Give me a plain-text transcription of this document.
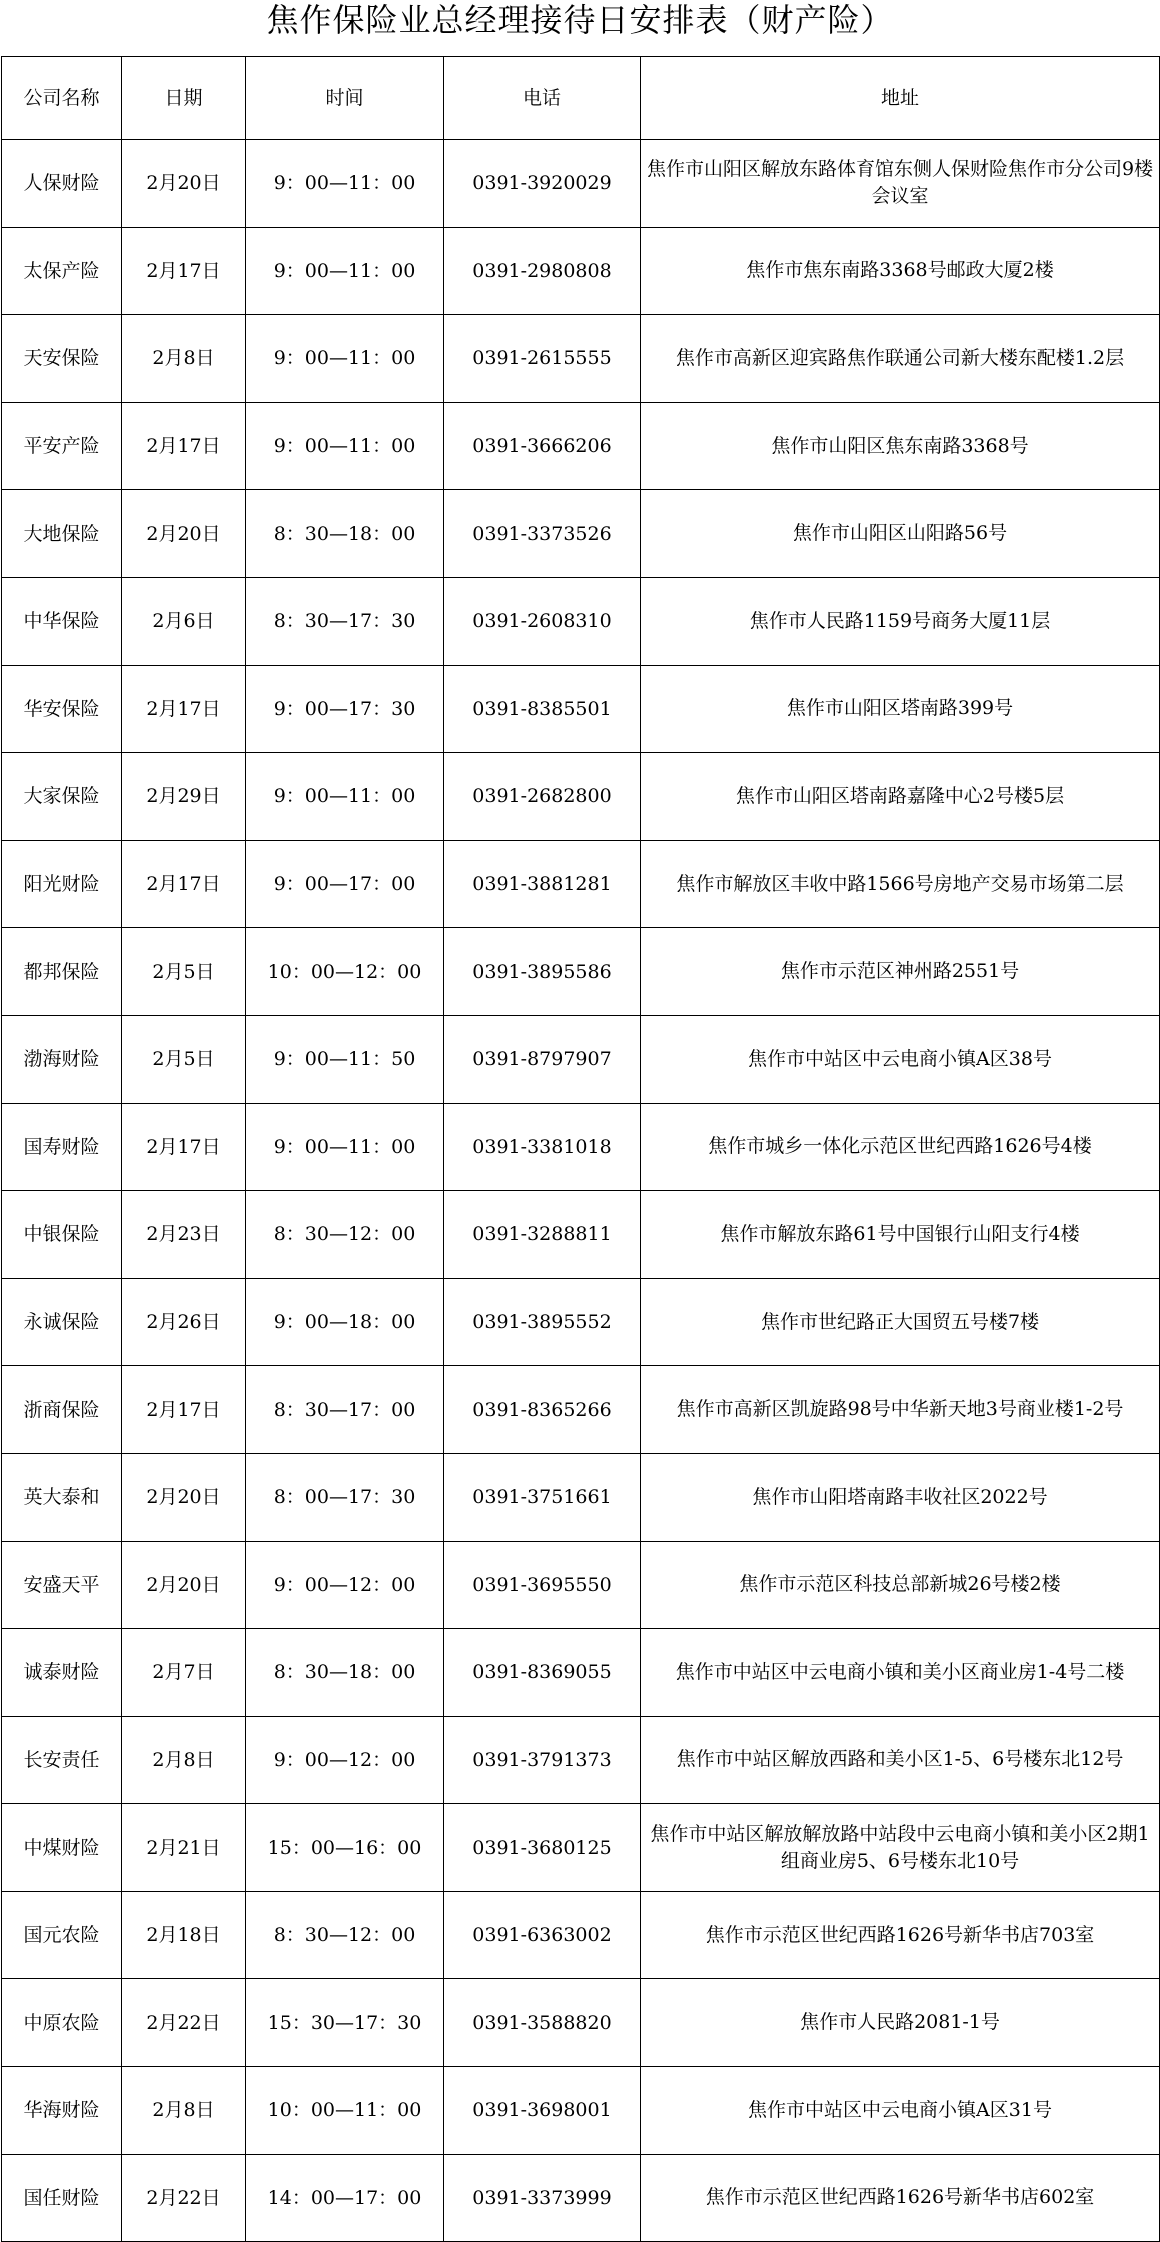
焦作保险业总经理接待日安排表（财产险）
公司名称	日期	时间	电话	地址
人保财险	2月20日	9：00—11：00	0391-3920029	焦作市山阳区解放东路体育馆东侧人保财险焦作市分公司9楼会议室
太保产险	2月17日	9：00—11：00	0391-2980808	焦作市焦东南路3368号邮政大厦2楼
天安保险	2月8日	9：00—11：00	0391-2615555	焦作市高新区迎宾路焦作联通公司新大楼东配楼1.2层
平安产险	2月17日	9：00—11：00	0391-3666206	焦作市山阳区焦东南路3368号
大地保险	2月20日	8：30—18：00	0391-3373526	焦作市山阳区山阳路56号
中华保险	2月6日	8：30—17：30	0391-2608310	焦作市人民路1159号商务大厦11层
华安保险	2月17日	9：00—17：30	0391-8385501	焦作市山阳区塔南路399号
大家保险	2月29日	9：00—11：00	0391-2682800	焦作市山阳区塔南路嘉隆中心2号楼5层
阳光财险	2月17日	9：00—17：00	0391-3881281	焦作市解放区丰收中路1566号房地产交易市场第二层
都邦保险	2月5日	10：00—12：00	0391-3895586	焦作市示范区神州路2551号
渤海财险	2月5日	9：00—11：50	0391-8797907	焦作市中站区中云电商小镇A区38号
国寿财险	2月17日	9：00—11：00	0391-3381018	焦作市城乡一体化示范区世纪西路1626号4楼
中银保险	2月23日	8：30—12：00	0391-3288811	焦作市解放东路61号中国银行山阳支行4楼
永诚保险	2月26日	9：00—18：00	0391-3895552	焦作市世纪路正大国贸五号楼7楼
浙商保险	2月17日	8：30—17：00	0391-8365266	焦作市高新区凯旋路98号中华新天地3号商业楼1-2号
英大泰和	2月20日	8：00—17：30	0391-3751661	焦作市山阳塔南路丰收社区2022号
安盛天平	2月20日	9：00—12：00	0391-3695550	焦作市示范区科技总部新城26号楼2楼
诚泰财险	2月7日	8：30—18：00	0391-8369055	焦作市中站区中云电商小镇和美小区商业房1-4号二楼
长安责任	2月8日	9：00—12：00	0391-3791373	焦作市中站区解放西路和美小区1-5、6号楼东北12号
中煤财险	2月21日	15：00—16：00	0391-3680125	焦作市中站区解放解放路中站段中云电商小镇和美小区2期1组商业房5、6号楼东北10号
国元农险	2月18日	8：30—12：00	0391-6363002	焦作市示范区世纪西路1626号新华书店703室
中原农险	2月22日	15：30—17：30	0391-3588820	焦作市人民路2081-1号
华海财险	2月8日	10：00—11：00	0391-3698001	焦作市中站区中云电商小镇A区31号
国任财险	2月22日	14：00—17：00	0391-3373999	焦作市示范区世纪西路1626号新华书店602室
